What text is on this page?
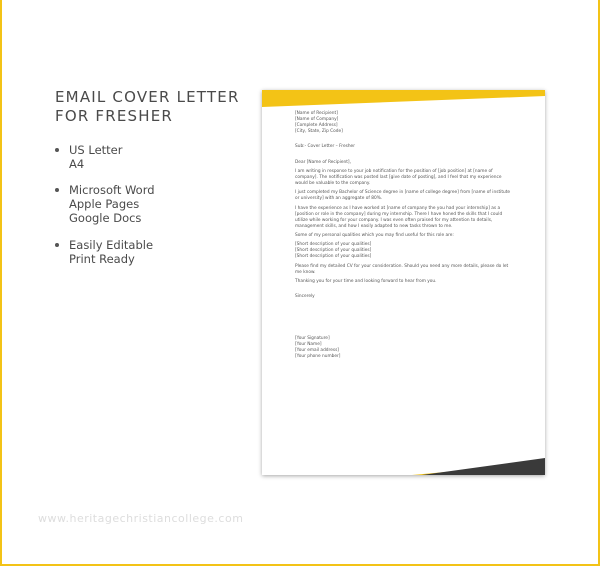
EMAIL COVER LETTER
FOR FRESHER
US Letter
A4
Microsoft Word
Apple Pages
Google Docs
Easily Editable
Print Ready

[Name of Recipient]
[Name of Company]
[Complete Address]
[City, State, Zip Code]

Sub:- Cover Letter – Fresher

Dear [Name of Recipient],

I am writing in response to your job notification for the position of [job position] at [name of company]. The notification was posted last [give date of posting], and I feel that my experience would be valuable to the company.

I just completed my Bachelor of Science degree in [name of college degree] from [name of institute or university] with an aggregate of 80%.

I have the experience as I have worked at [name of company the you had your internship] as a [position or role in the company] during my internship. There I have honed the skills that I could utilize while working for your company. I was even often praised for my attention to details, management skills, and how I easily adapted to new tasks thrown to me.

Some of my personal qualities which you may find useful for this role are:

[Short description of your qualities]
[Short description of your qualities]
[Short description of your qualities]

Please find my detailed CV for your consideration. Should you need any more details, please do let me know.

Thanking you for your time and looking forward to hear from you.

Sincerely

[Your Signature]
[Your Name]
[Your email address]
[Your phone number]

www.heritagechristiancollege.com
